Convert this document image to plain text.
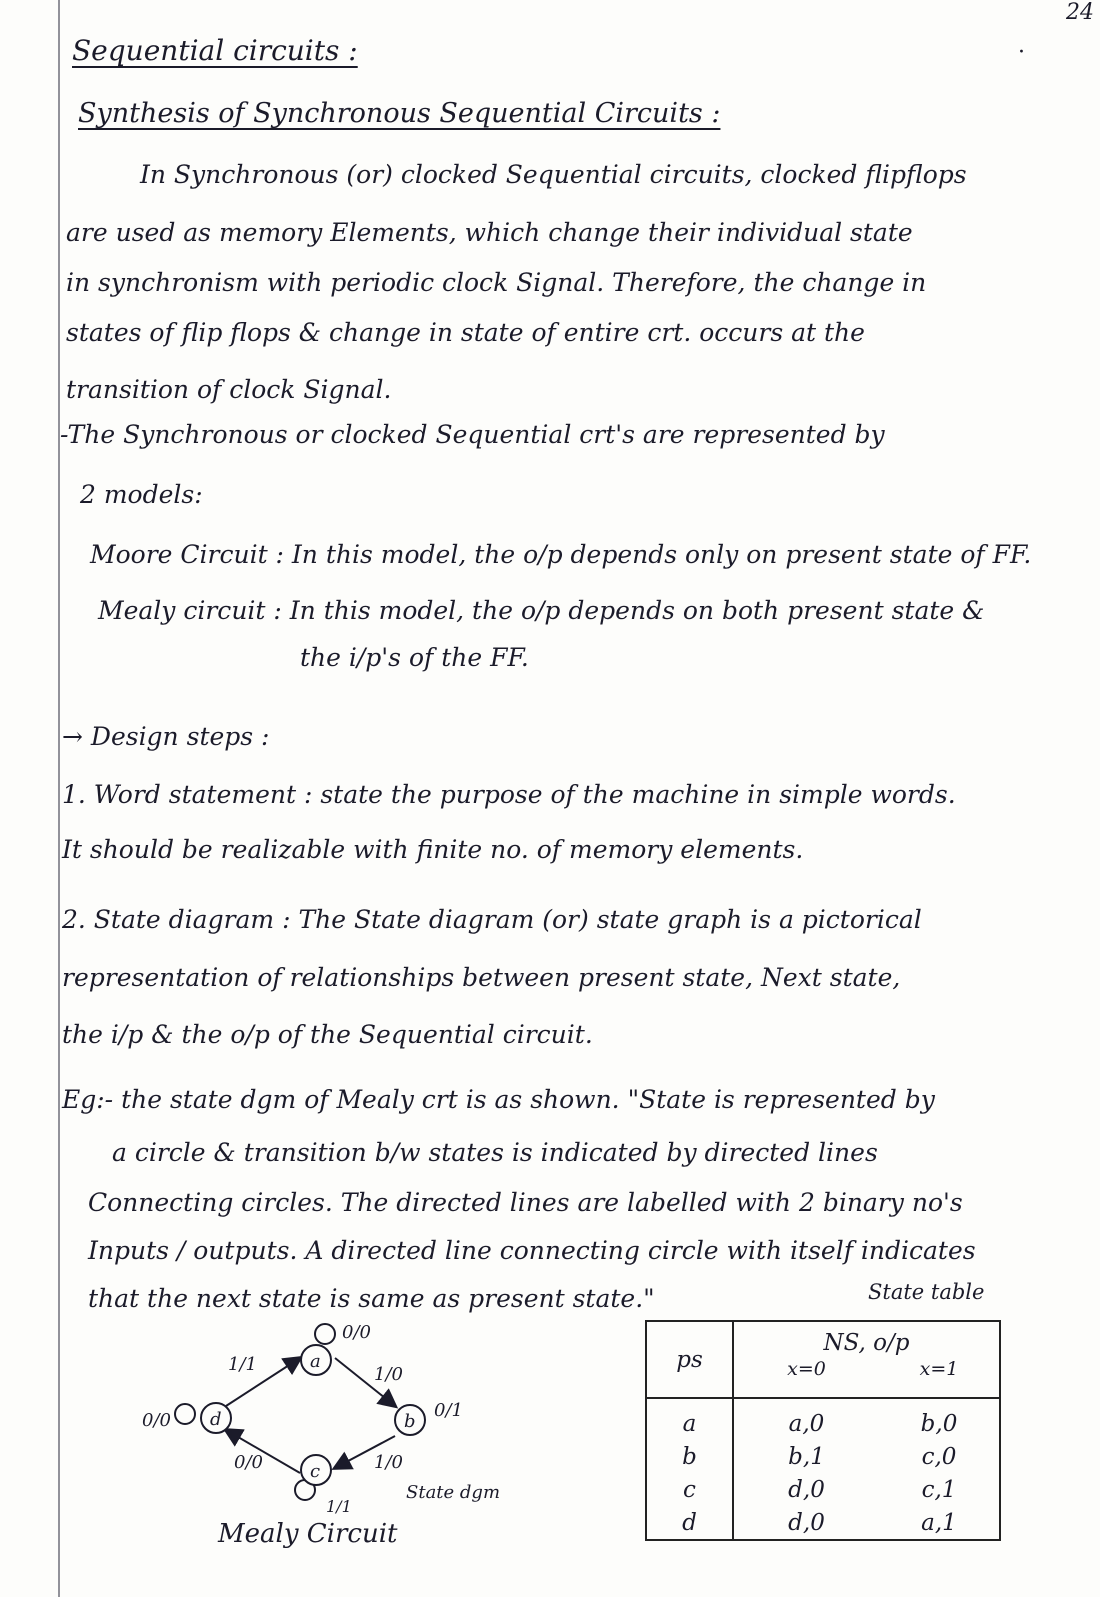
24
·
Sequential circuits :
Synthesis of Synchronous Sequential Circuits :
In Synchronous (or) clocked Sequential circuits, clocked flipflops
are used as memory Elements, which change their individual state
in synchronism with periodic clock Signal. Therefore, the change in
states of flip flops & change in state of entire crt. occurs at the
transition of clock Signal.
-The Synchronous or clocked Sequential crt's are represented by
2 models:
Moore Circuit : In this model, the o/p depends only on present state of FF.
Mealy circuit : In this model, the o/p depends on both present state &
the i/p's of the FF.
→ Design steps :
1. Word statement : state the purpose of the machine in simple words.
It should be realizable with finite no. of memory elements.
2. State diagram : The State diagram (or) state graph is a pictorical
representation of relationships between present state, Next state,
the i/p & the o/p of the Sequential circuit.
Eg:- the state dgm of Mealy crt is as shown. "State is represented by
a circle & transition b/w states is indicated by directed lines
Connecting circles. The directed lines are labelled with 2 binary no's
Inputs / outputs. A directed line connecting circle with itself indicates
that the next state is same as present state."
a
b
c
d
0/0
1/1	1/0
0/1
1/0
0/0
1/1
0/0
State dgm
Mealy Circuit
State table
ps	NS, o/p
x=0 x=1	

a	a,0	b,0
b	b,1	c,0
c	d,0	c,1
d	d,0	a,1
